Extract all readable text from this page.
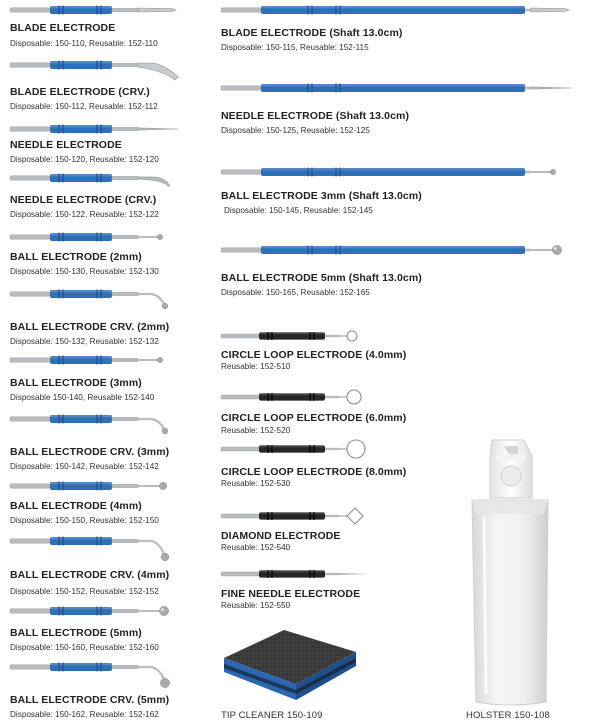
BLADE ELECTRODE
Disposable: 150-110, Reusable: 152-110
BLADE ELECTRODE (CRV.)
Disposable: 150-112, Reusable: 152-112
NEEDLE ELECTRODE
Disposable: 150-120, Reusable: 152-120
NEEDLE ELECTRODE (CRV.)
Disposable: 150-122, Reusable: 152-122
BALL ELECTRODE (2mm)
Disposable: 150-130, Reusable: 152-130
BALL ELECTRODE CRV. (2mm)
Disposable: 150-132, Reusable: 152-132
BALL ELECTRODE (3mm)
Disposable 150-140, Reusable 152-140
BALL ELECTRODE CRV. (3mm)
Disposable: 150-142, Reusable: 152-142
BALL ELECTRODE (4mm)
Disposable: 150-150, Reusable: 152-150
BALL ELECTRODE CRV. (4mm)
Disposable: 150-152, Reusable: 152-152
BALL ELECTRODE (5mm)
Disposable: 150-160, Reusable: 152-160
BALL ELECTRODE CRV. (5mm)
Disposable: 150-162, Reusable: 152-162
BLADE ELECTRODE (Shaft 13.0cm)
Disposable: 150-115, Reusable: 152-115
NEEDLE ELECTRODE (Shaft 13.0cm)
Disposable: 150-125, Reusable: 152-125
BALL ELECTRODE 3mm (Shaft 13.0cm)
Disposable: 150-145, Reusable: 152-145
BALL ELECTRODE 5mm (Shaft 13.0cm)
Disposable: 150-165, Reusable: 152-165
CIRCLE LOOP ELECTRODE (4.0mm)
Reusable: 152-510
CIRCLE LOOP ELECTRODE (6.0mm)
Reusable: 152-520
CIRCLE LOOP ELECTRODE (8.0mm)
Reusable: 152-530
DIAMOND ELECTRODE
Reusable: 152-540
FINE NEEDLE ELECTRODE
Reusable: 152-550
TIP CLEANER 150-109	HOLSTER 150-108
